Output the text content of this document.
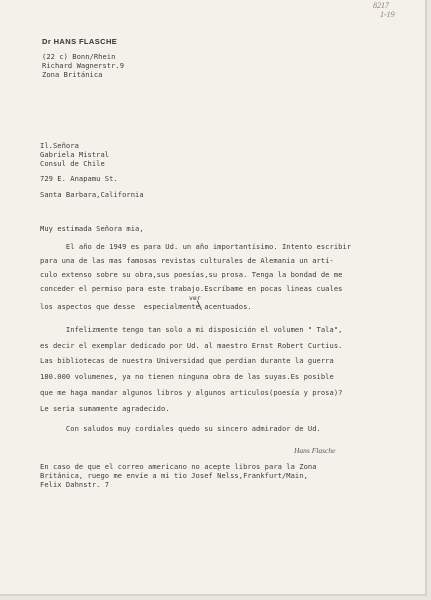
8217
1-19
Dr HANS FLASCHE
(22 c) Bonn/Rhein
Richard Wagnerstr.9
Zona Británica
Il.Señora
Gabriela Mistral
Consul de Chile
729 E. Anapamu St.
Santa Barbara,California
Muy estimada Señora mia,
El año de 1949 es para Ud. un año importantísimo. Intento escribir
para una de las mas famosas revistas culturales de Alemania un artí-
culo extenso sobre su obra,sus poesías,su prosa. Tenga la bondad de me
conceder el permiso para este trabajo.Escríbame en pocas lineas cuales
ver
los aspectos que desse  especialmente acentuados.
Infelizmente tengo tan solo a mi disposición el volumen " Tala",
es decir el exemplar dedicado por Ud. al maestro Ernst Robert Curtius.
Las bibliotecas de nuestra Universidad que perdian durante la guerra
180.000 volumenes, ya no tienen ninguna obra de las suyas.Es posible
que me haga mandar algunos libros y algunos articulos(poesía y prosa)?
Le seria sumamente agradecido.
Con saludos muy cordiales quedo su sincero admirador de Ud.
Hans Flasche
En caso de que el correo americano no acepte libros para la Zona
Británica, ruego me envíe a mi tio Josef Nelss,Frankfurt/Main,
Felix Dahnstr. 7
